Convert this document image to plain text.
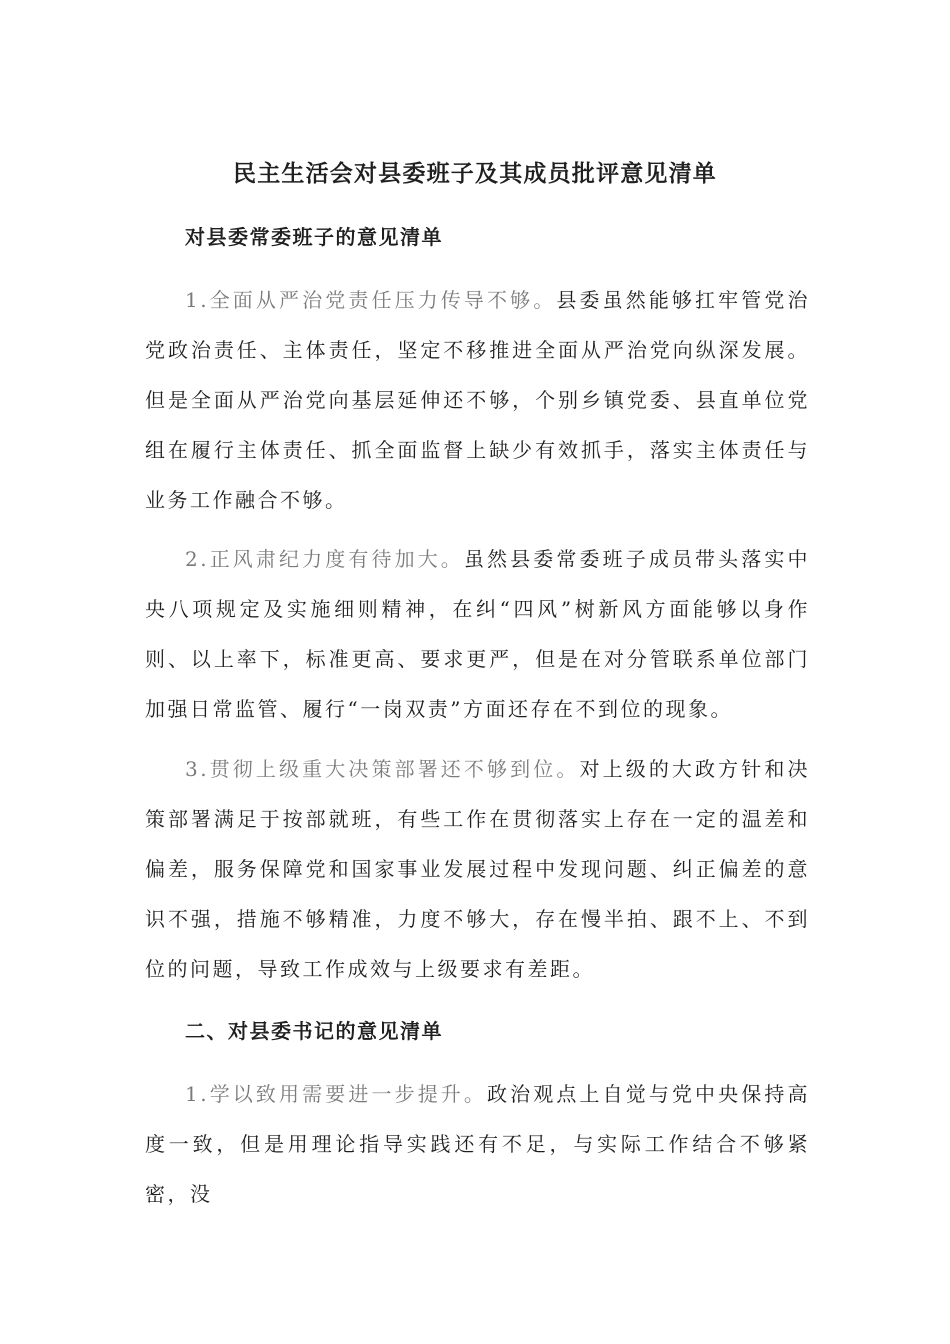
民主生活会对县委班子及其成员批评意见清单
对县委常委班子的意见清单

1.全面从严治党责任压力传导不够。县委虽然能够扛牢管党治党政治责任、主体责任，坚定不移推进全面从严治党向纵深发展。但是全面从严治党向基层延伸还不够，个别乡镇党委、县直单位党组在履行主体责任、抓全面监督上缺少有效抓手，落实主体责任与业务工作融合不够。

2.正风肃纪力度有待加大。虽然县委常委班子成员带头落实中央八项规定及实施细则精神，在纠“四风”树新风方面能够以身作则、以上率下，标准更高、要求更严，但是在对分管联系单位部门加强日常监管、履行“一岗双责”方面还存在不到位的现象。

3.贯彻上级重大决策部署还不够到位。对上级的大政方针和决策部署满足于按部就班，有些工作在贯彻落实上存在一定的温差和偏差，服务保障党和国家事业发展过程中发现问题、纠正偏差的意识不强，措施不够精准，力度不够大，存在慢半拍、跟不上、不到位的问题，导致工作成效与上级要求有差距。

二、对县委书记的意见清单

1.学以致用需要进一步提升。政治观点上自觉与党中央保持高度一致，但是用理论指导实践还有不足，与实际工作结合不够紧密，没
